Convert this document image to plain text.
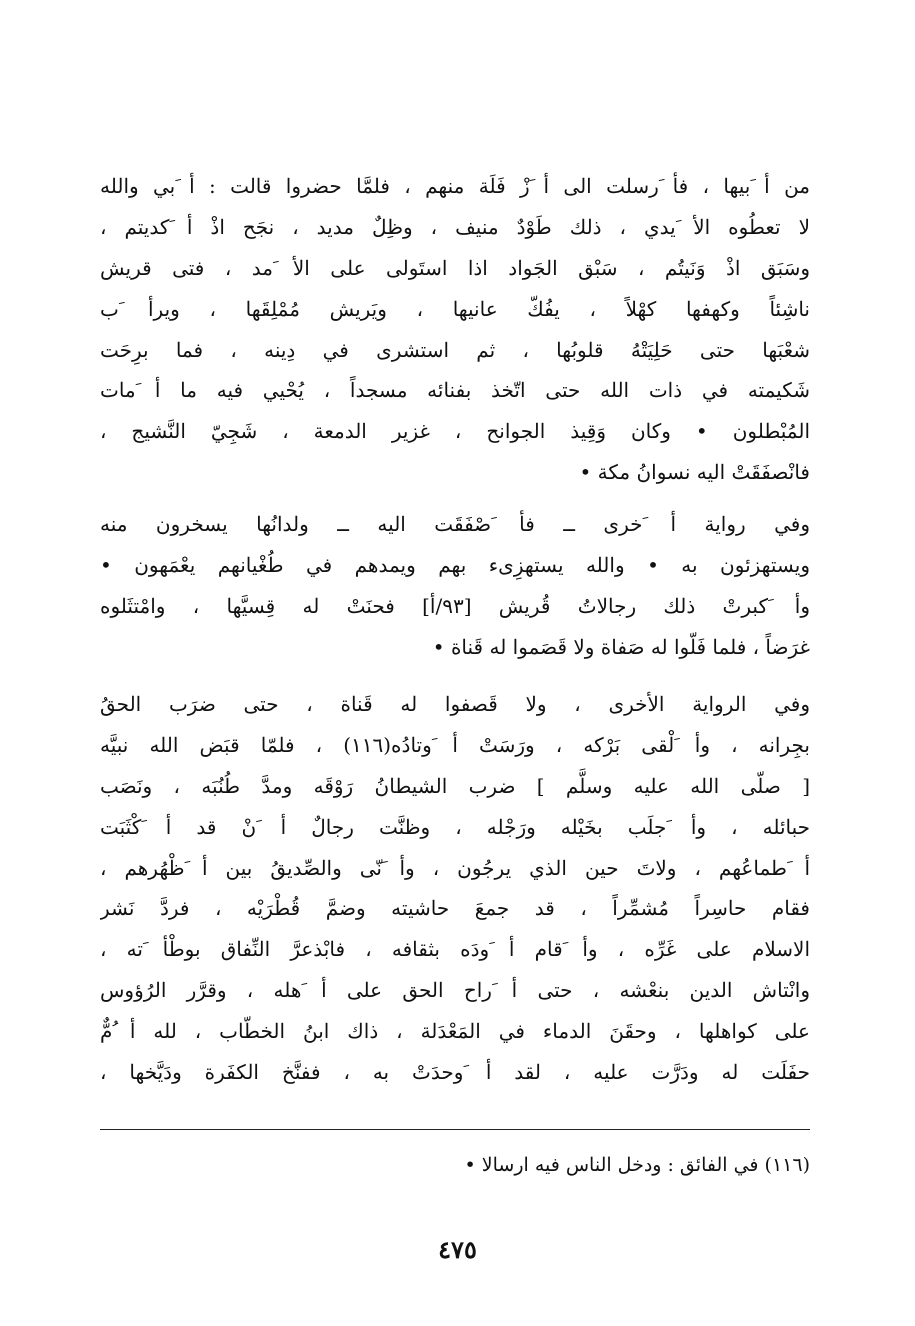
من أ َبيها ، فأ َرسلت الى أ َزْ فَلَة منهم ، فلمَّا حضروا قالت : أ َبي والله
لا تعطُوه الأ َيدي ، ذلك طَوْدٌ منيف ، وظِلٌ مديد ، نجَح اذْ أ َكديتم ،
وسَبَق اذْ وَنَيتُم ، سَبْق الجَواد اذا استَولى على الأ َمد ، فتى قريش
ناشِئاً وكهفها كهْلاً ، يفُكّ عانيها ، ويَريش مُمْلِقَها ، ويرأ َب
شعْبَها حتى حَلِيَتْهُ قلوبُها ، ثم استشرى في دِينه ، فما برِحَت
شَكيمته في ذات الله حتى اتّخذ بفنائه مسجداً ، يُحْيي فيه ما أ َمات
المُبْطلون • وكان وَقِيذ الجوانح ، غزير الدمعة ، شَجِيّ النَّشيج ،
فانْصفَقَتْ اليه نسوانُ مكة •
وفي رواية أ َخرى ــ فأ َصْفَقَت اليه ــ ولدانُها يسخرون منه
ويستهزئون به • والله يستهزِىء بهم ويمدهم في طُغْيانهم يعْمَهون •
وأ َكبرتْ ذلك رجالاتُ قُريش [٩٣/أ] فحنَتْ له قِسيَّها ، وامْتثَلوه
غرَضاً ، فلما فَلّوا له صَفاة ولا قَصَموا له قَناة •
وفي الرواية الأخرى ، ولا قَصفوا له قَناة ، حتى ضرَب الحقُ
بجِرانه ، وأ َلْقى بَرْكه ، ورَسَتْ أ َوتادُه(١١٦) ، فلمّا قبَض الله نبيَّه
[ صلّى الله عليه وسلَّم ] ضرب الشيطانُ رَوْقَه ومدَّ طُنُبَه ، ونَصَب
حبائله ، وأ َجلَب بخَيْله ورَجْله ، وظنَّت رجالٌ أ َنْ قد أ َكْثَبَت
أ َطماعُهم ، ولاتَ حين الذي يرجُون ، وأ َنّى والصِّديقُ بين أ َظْهُرهم ،
فقام حاسِراً مُشمِّراً ، قد جمعَ حاشيته وضمَّ قُطْرَيْه ، فردَّ نَشر
الاسلام على غَرِّه ، وأ َقام أ َودَه بثقافه ، فابْذعرَّ النِّفاق بوطْأ َته ،
وانْتاش الدين بنعْشه ، حتى أ َراح الحق على أ َهله ، وقرَّر الرُؤوس
على كواهلها ، وحقَنَ الدماء في المَعْدَلة ، ذاك ابنُ الخطّاب ، لله أ ُمٌّ
حفَلَت له ودَرَّت عليه ، لقد أ َوحدَتْ به ، ففنَّخ الكفَرة ودَيَّخها ،
(١١٦) في الفائق : ودخل الناس فيه ارسالا •
٤٧٥
